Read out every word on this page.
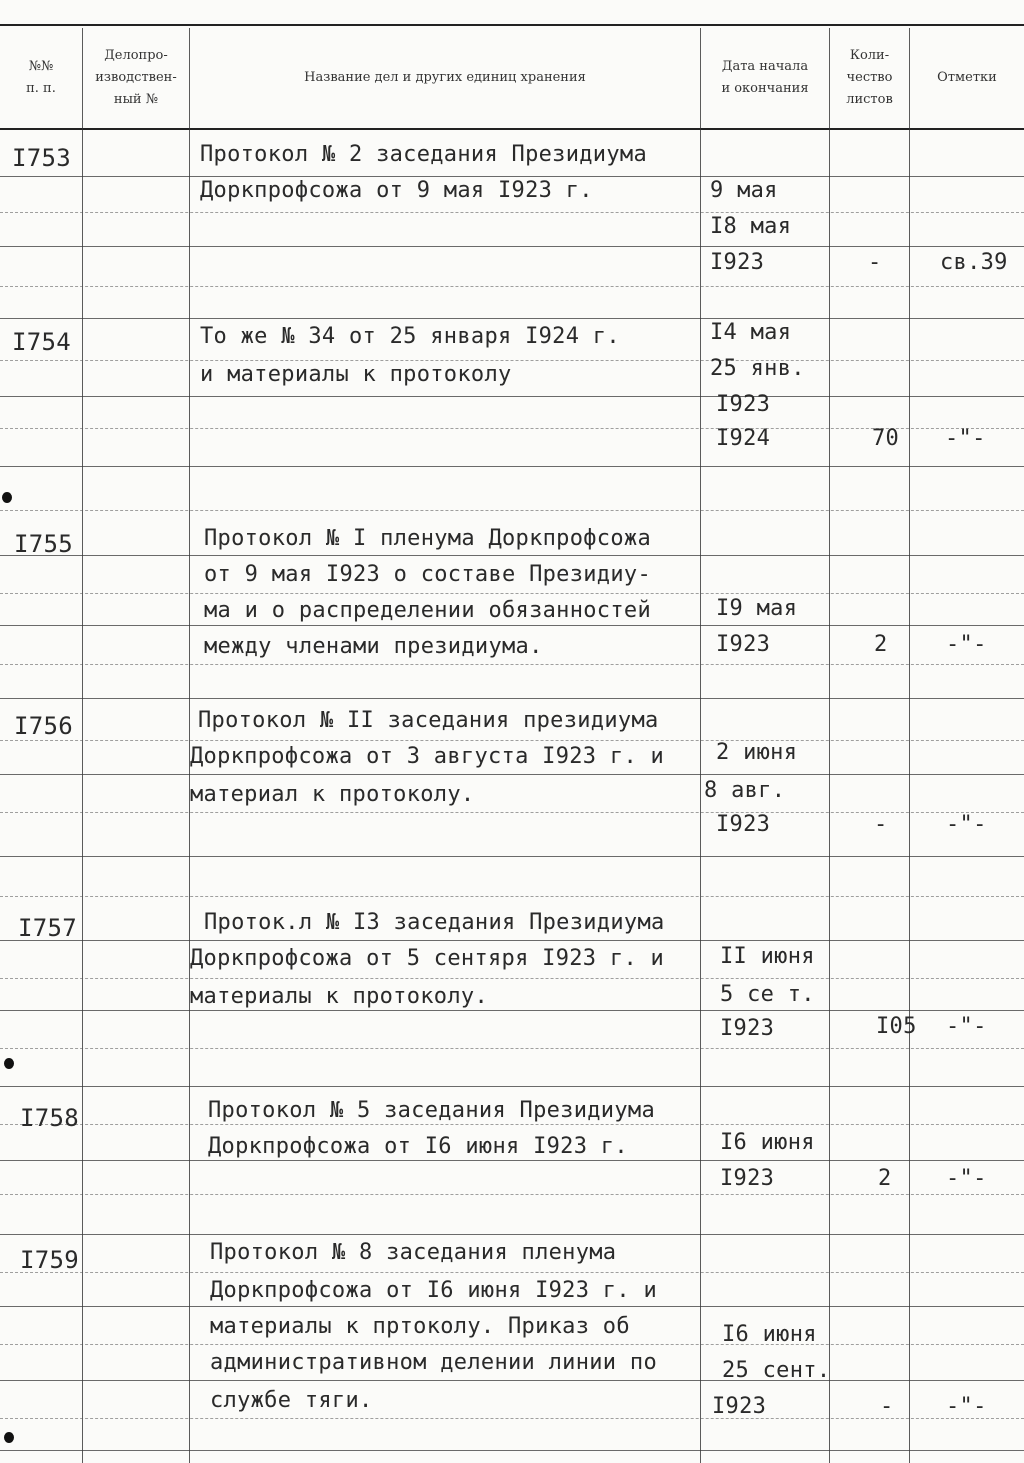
№№
п. п.
Делопро-
изводствен-
ный №
Название дел и других единиц хранения
Дата начала
и окончания
Коли-
чество
листов
Отметки
I753	Протокол № 2 заседания Президиума
Доркпрофсожа от 9 мая I923 г.	9 мая
I8 мая
I923	-	св.39
I754	То же № 34 от 25 января I924 г.
и материалы к протоколу
I4 мая
25 янв.
I923
I924	70 -"-
I755	Протокол № I пленума Доркпрофсожа
от 9 мая I923 о составе Президиу-
ма и о распределении обязанностей
между членами президиума.
I9 мая
I923	2	-"-
I756	Протокол № II заседания президиума
Доркпрофсожа от 3 августа I923 г. и
материал к протоколу.
2 июня
8 авг.
I923	-	-"-
I757	Проток.л № I3 заседания Президиума
Доркпрофсожа от 5 сентяря I923 г. и
материалы к протоколу.
II июня
5 се т.
I923	I05 -"-
I758	Протокол № 5 заседания Президиума
Доркпрофсожа от I6 июня I923 г.	I6 июня
I923	2 -"-
I759	Протокол № 8 заседания пленума
Доркпрофсожа от I6 июня I923 г. и
материалы к пртоколу. Приказ об
административном делении линии по
службе тяги.
I6 июня
25 сент.
I923	- -"-
